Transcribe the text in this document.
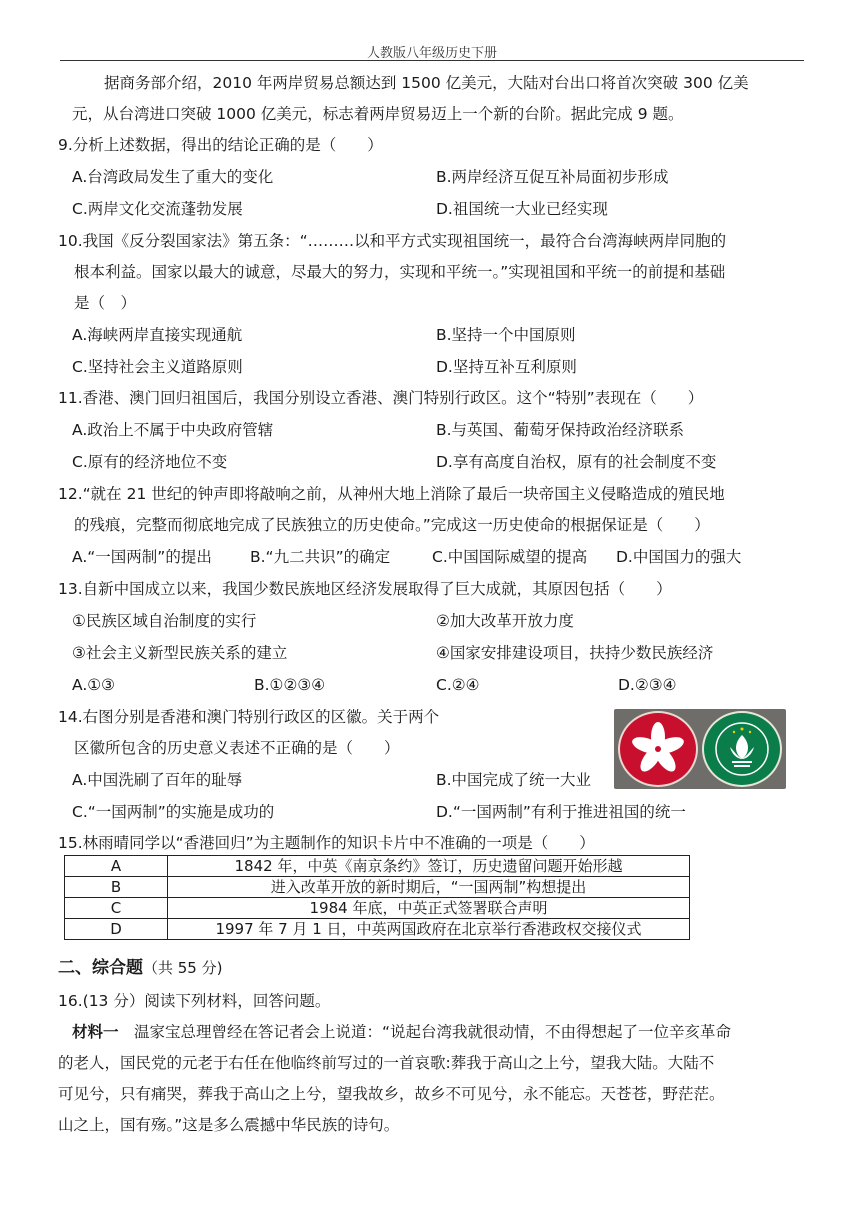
人教版八年级历史下册
据商务部介绍，2010 年两岸贸易总额达到 1500 亿美元，大陆对台出口将首次突破 300 亿美
元，从台湾进口突破 1000 亿美元，标志着两岸贸易迈上一个新的台阶。据此完成 9 题。
9.分析上述数据，得出的结论正确的是（　　）
A.台湾政局发生了重大的变化	B.两岸经济互促互补局面初步形成
C.两岸文化交流蓬勃发展	D.祖国统一大业已经实现
10.我国《反分裂国家法》第五条：“………以和平方式实现祖国统一，最符合台湾海峡两岸同胞的
根本利益。国家以最大的诚意，尽最大的努力，实现和平统一。”实现祖国和平统一的前提和基础
是（　）
A.海峡两岸直接实现通航	B.坚持一个中国原则
C.坚持社会主义道路原则	D.坚持互补互利原则
11.香港、澳门回归祖国后，我国分别设立香港、澳门特别行政区。这个“特别”表现在（　　）
A.政治上不属于中央政府管辖	B.与英国、葡萄牙保持政治经济联系
C.原有的经济地位不变	D.享有高度自治权，原有的社会制度不变
12.“就在 21 世纪的钟声即将敲响之前，从神州大地上消除了最后一块帝国主义侵略造成的殖民地
的残痕，完整而彻底地完成了民族独立的历史使命。”完成这一历史使命的根据保证是（　　）
A.“一国两制”的提出 B.“九二共识”的确定	C.中国国际威望的提高 D.中国国力的强大
13.自新中国成立以来，我国少数民族地区经济发展取得了巨大成就，其原因包括（　　）
①民族区域自治制度的实行	②加大改革开放力度
③社会主义新型民族关系的建立	④国家安排建设项目，扶持少数民族经济
A.①③	B.①②③④	C.②④	D.②③④
14.右图分别是香港和澳门特别行政区的区徽。关于两个
区徽所包含的历史意义表述不正确的是（　　）
A.中国洗刷了百年的耻辱	B.中国完成了统一大业
C.“一国两制”的实施是成功的	D.“一国两制”有利于推进祖国的统一
15.林雨晴同学以“香港回归”为主题制作的知识卡片中不准确的一项是（　　）
A	1842 年，中英《南京条约》签订，历史遗留问题开始形越
B	进入改革开放的新时期后，“一国两制”构想提出
C	1984 年底，中英正式签署联合声明
D	1997 年 7 月 1 日，中英两国政府在北京举行香港政权交接仪式
二、综合题（共 55 分)
16.(13 分）阅读下列材料，回答问题。
材料一  温家宝总理曾经在答记者会上说道：“说起台湾我就很动情，不由得想起了一位辛亥革命
的老人，国民党的元老于右任在他临终前写过的一首哀歌:葬我于高山之上兮，望我大陆。大陆不
可见兮，只有痛哭，葬我于高山之上兮，望我故乡，故乡不可见兮，永不能忘。天苍苍，野茫茫。
山之上，国有殇。”这是多么震撼中华民族的诗句。
